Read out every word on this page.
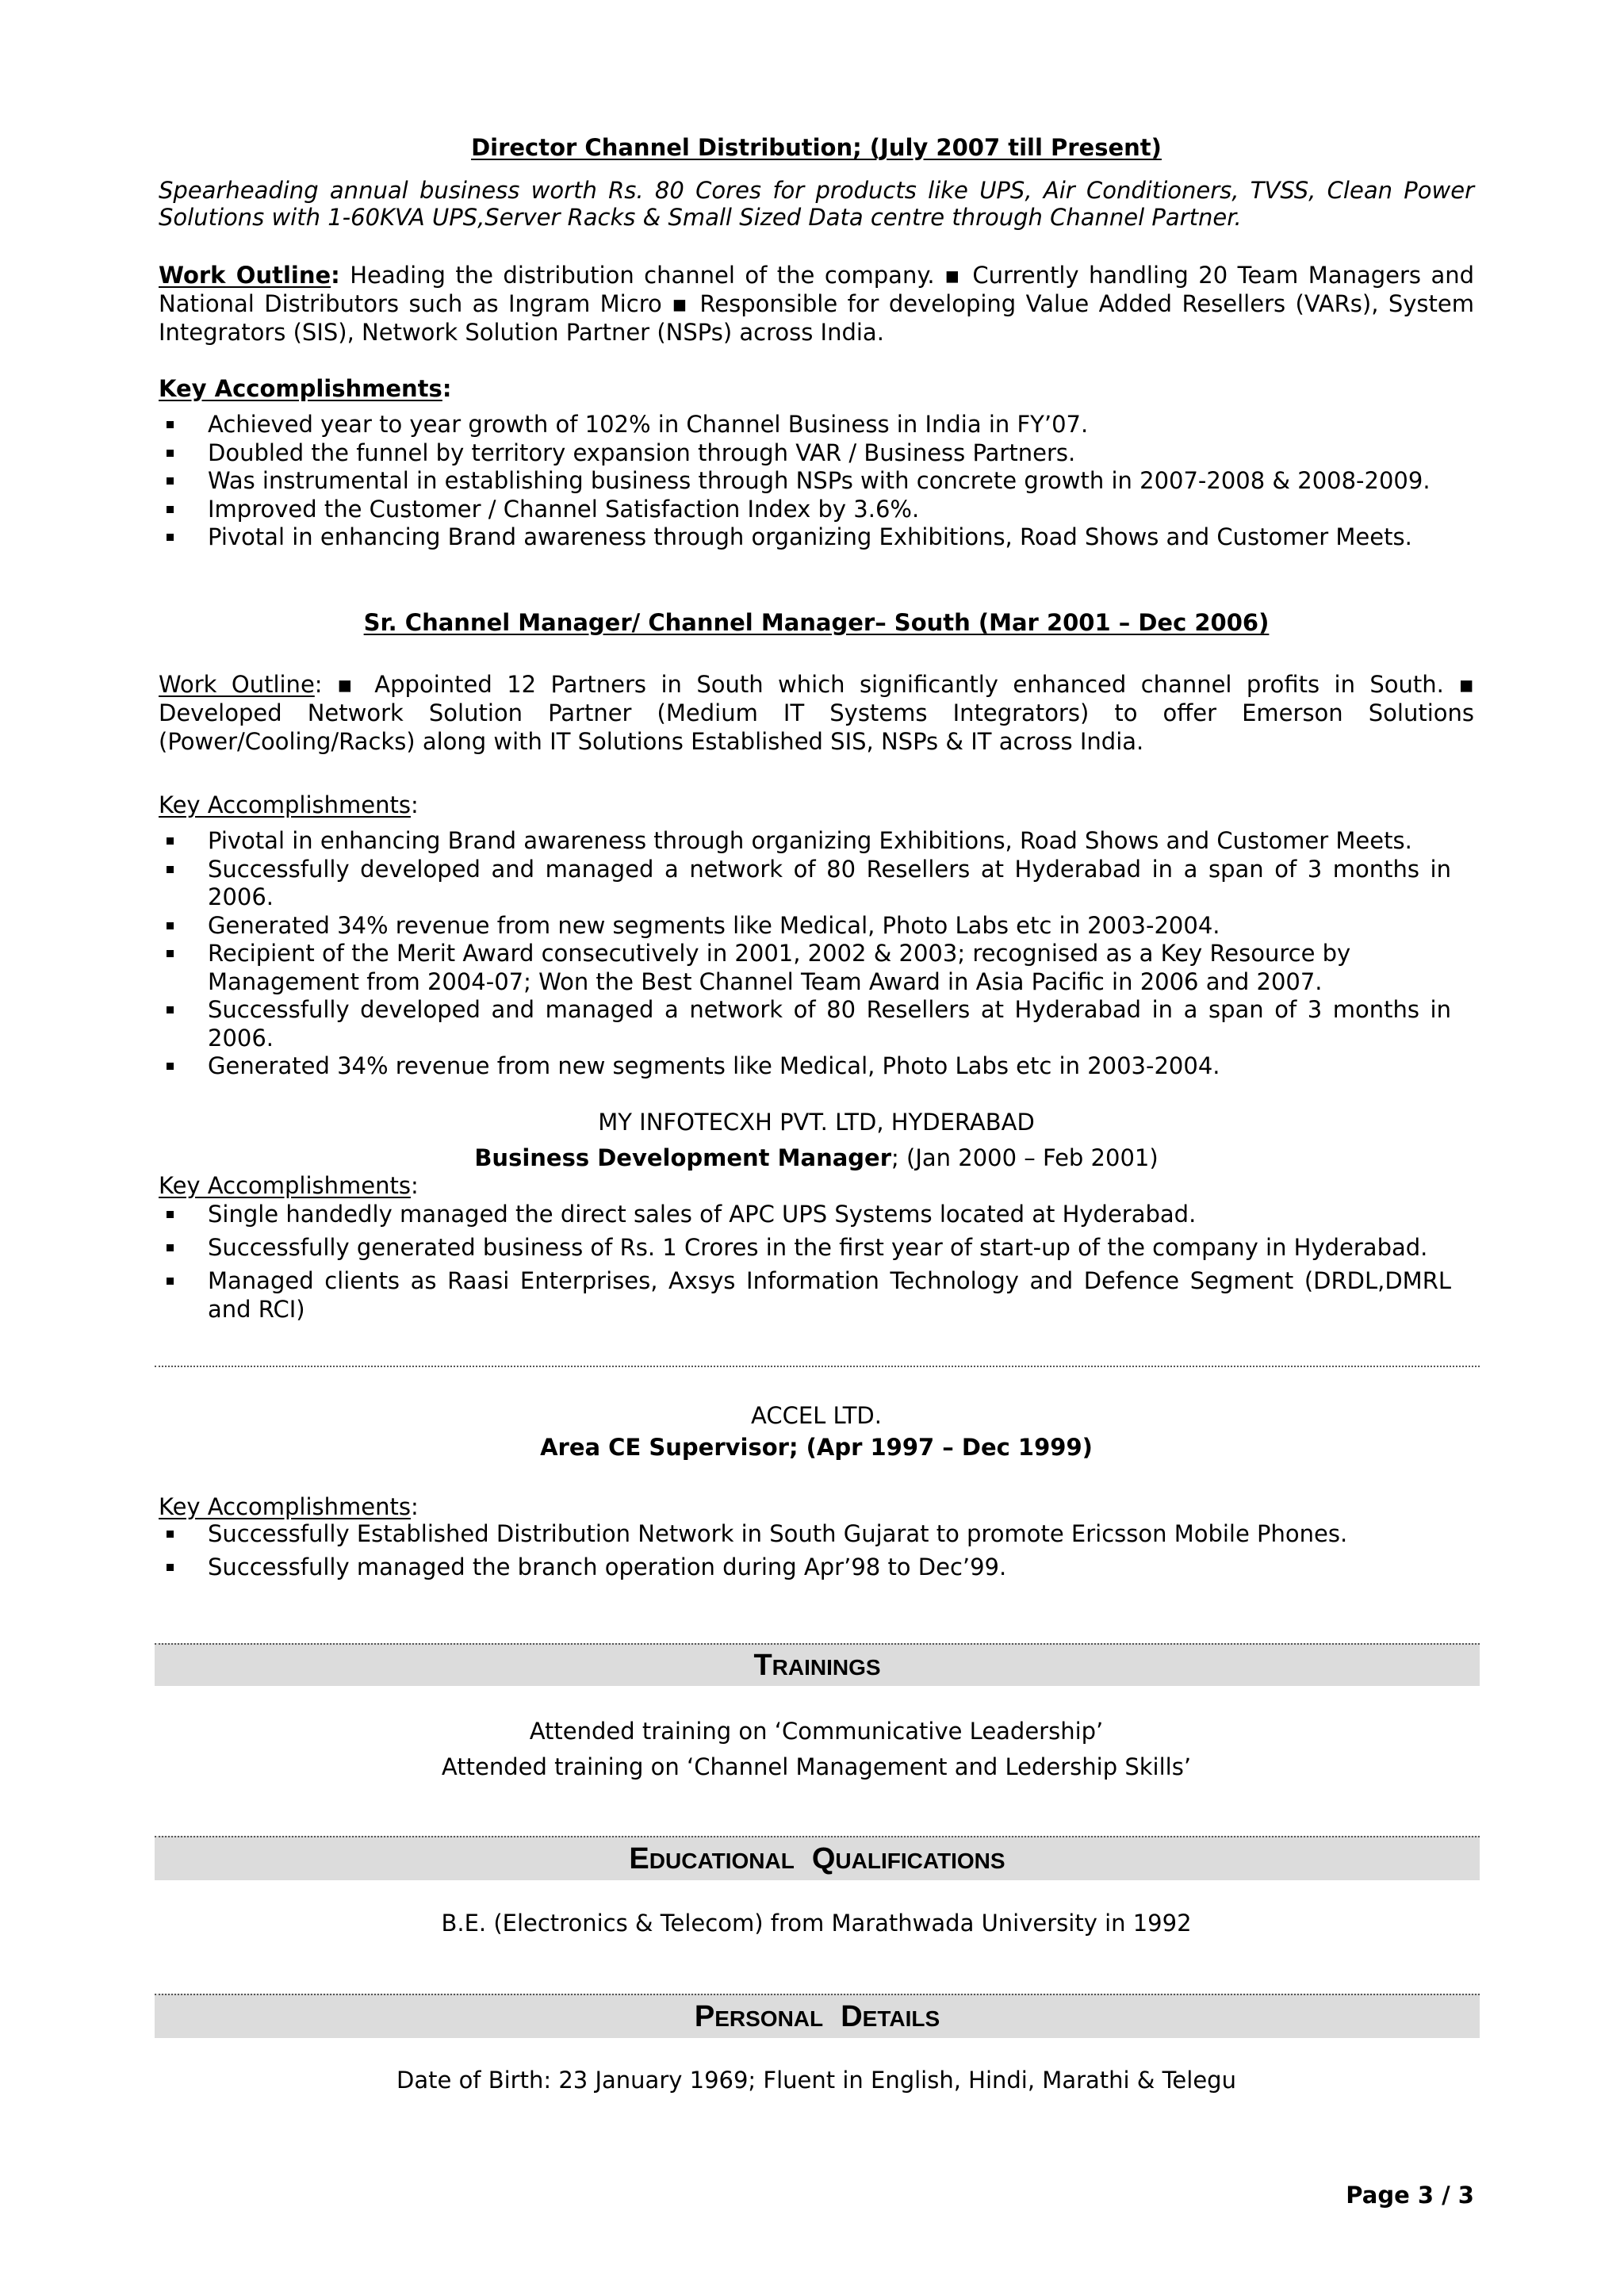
Director Channel Distribution; (July 2007 till Present)
Spearheading annual business worth Rs. 80 Cores for products like UPS, Air Conditioners, TVSS, Clean Power Solutions with 1-60KVA UPS,Server Racks & Small Sized Data centre through Channel Partner.
Work Outline: Heading the distribution channel of the company. ▪ Currently handling 20 Team Managers and National Distributors such as Ingram Micro ▪ Responsible for developing Value Added Resellers (VARs), System Integrators (SIS), Network Solution Partner (NSPs) across India.
Key Accomplishments:
Achieved year to year growth of 102% in Channel Business in India in FY’07.
Doubled the funnel by territory expansion through VAR / Business Partners.
Was instrumental in establishing business through NSPs with concrete growth in 2007-2008 & 2008-2009.
Improved the Customer / Channel Satisfaction Index by 3.6%.
Pivotal in enhancing Brand awareness through organizing Exhibitions, Road Shows and Customer Meets.
Sr. Channel Manager/ Channel Manager– South (Mar 2001 – Dec 2006)
Work Outline: ▪ Appointed 12 Partners in South which significantly enhanced channel profits in South. ▪ Developed Network Solution Partner (Medium IT Systems Integrators) to offer Emerson Solutions (Power/Cooling/Racks) along with IT Solutions Established SIS, NSPs & IT across India.
Key Accomplishments:
Pivotal in enhancing Brand awareness through organizing Exhibitions, Road Shows and Customer Meets.
Successfully developed and managed a network of 80 Resellers at Hyderabad in a span of 3 months in 2006.
Generated 34% revenue from new segments like Medical, Photo Labs etc in 2003-2004.
Recipient of the Merit Award consecutively in 2001, 2002 & 2003; recognised as a Key Resource by Management from 2004-07; Won the Best Channel Team Award in Asia Pacific in 2006 and 2007.
Successfully developed and managed a network of 80 Resellers at Hyderabad in a span of 3 months in 2006.
Generated 34% revenue from new segments like Medical, Photo Labs etc in 2003-2004.
MY INFOTECXH PVT. LTD, HYDERABAD
Business Development Manager; (Jan 2000 – Feb 2001)
Key Accomplishments:
Single handedly managed the direct sales of APC UPS Systems located at Hyderabad.
Successfully generated business of Rs. 1 Crores in the first year of start-up of the company in Hyderabad.
Managed clients as Raasi Enterprises, Axsys Information Technology and Defence Segment (DRDL,DMRL and RCI)
ACCEL LTD.
Area CE Supervisor; (Apr 1997 – Dec 1999)
Key Accomplishments:
Successfully Established Distribution Network in South Gujarat to promote Ericsson Mobile Phones.
Successfully managed the branch operation during Apr’98 to Dec’99.
TRAININGS
Attended training on ‘Communicative Leadership’
Attended training on ‘Channel Management and Ledership Skills’
EDUCATIONAL QUALIFICATIONS
B.E. (Electronics & Telecom) from Marathwada University in 1992
PERSONAL DETAILS
Date of Birth: 23 January 1969; Fluent in English, Hindi, Marathi & Telegu
Page 3 / 3
